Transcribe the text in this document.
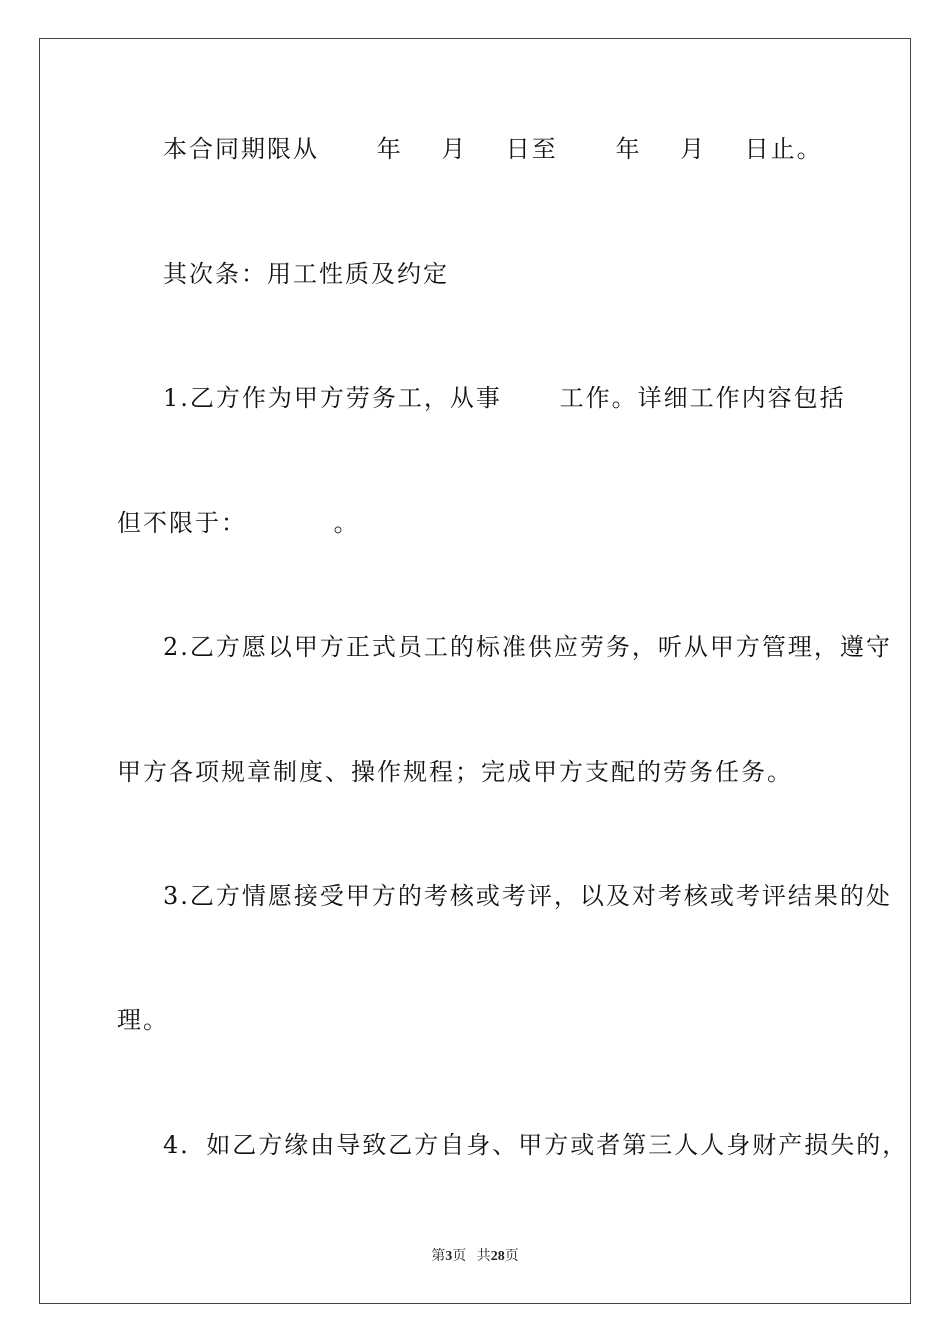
本合同期限从      年    月    日至      年    月    日止。
其次条：用工性质及约定
1.乙方作为甲方劳务工，从事      工作。详细工作内容包括
但不限于：         。
2.乙方愿以甲方正式员工的标准供应劳务，听从甲方管理，遵守
甲方各项规章制度、操作规程；完成甲方支配的劳务任务。
3.乙方情愿接受甲方的考核或考评，以及对考核或考评结果的处
理。
4．如乙方缘由导致乙方自身、甲方或者第三人人身财产损失的，
第3页 共28页
